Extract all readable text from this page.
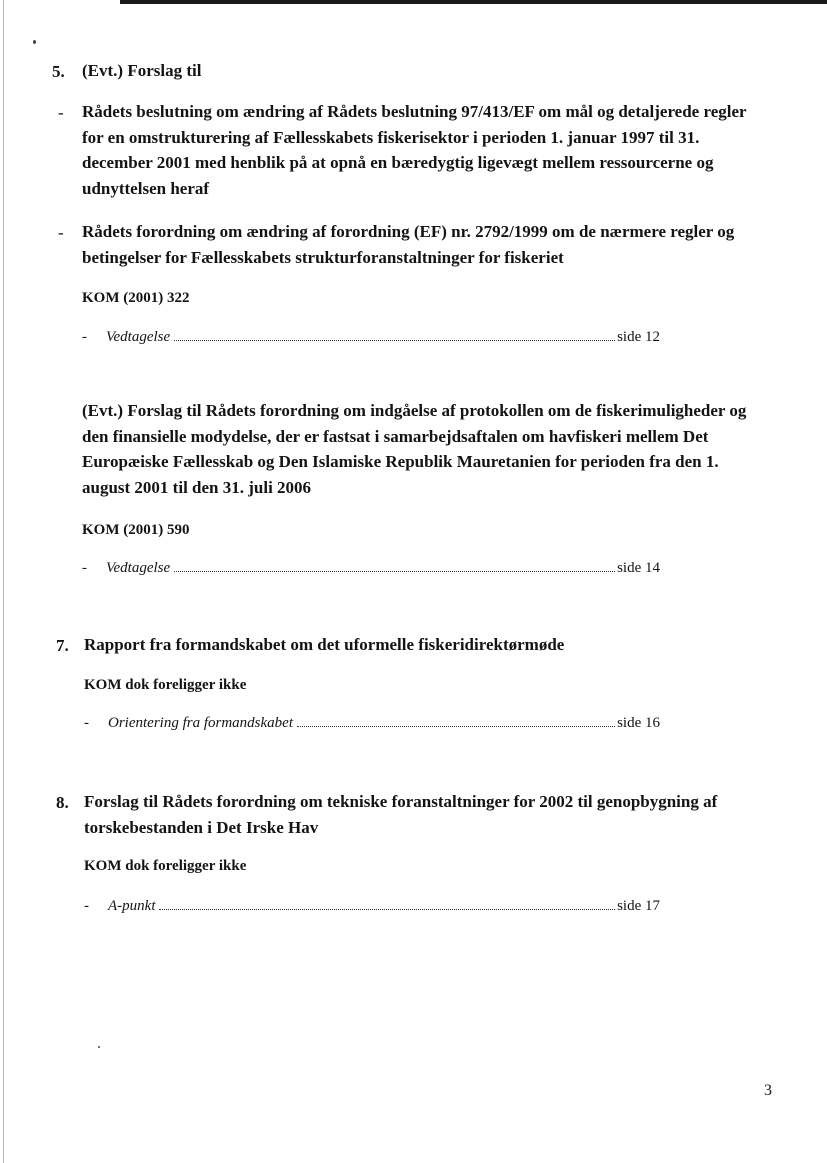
5. (Evt.) Forslag til
- Rådets beslutning om ændring af Rådets beslutning 97/413/EF om mål og detaljerede regler for en omstrukturering af Fællesskabets fiskerisektor i perioden 1. januar 1997 til 31. december 2001 med henblik på at opnå en bæredygtig ligevægt mellem ressourcerne og udnyttelsen heraf
- Rådets forordning om ændring af forordning (EF) nr. 2792/1999 om de nærmere regler og betingelser for Fællesskabets strukturforanstaltninger for fiskeriet
KOM (2001) 322
-	Vedtagelse	side 12
(Evt.) Forslag til Rådets forordning om indgåelse af protokollen om de fiskerimuligheder og den finansielle modydelse, der er fastsat i samarbejdsaftalen om havfiskeri mellem Det Europæiske Fællesskab og Den Islamiske Republik Mauretanien for perioden fra den 1. august 2001 til den 31. juli 2006
KOM (2001) 590
-	Vedtagelse	side 14
7. Rapport fra formandskabet om det uformelle fiskeridirektørmøde
KOM dok foreligger ikke
-	Orientering fra formandskabet	side 16
8. Forslag til Rådets forordning om tekniske foranstaltninger for 2002 til genopbygning af torskebestanden i Det Irske Hav
KOM dok foreligger ikke
-	A-punkt	side 17
3
